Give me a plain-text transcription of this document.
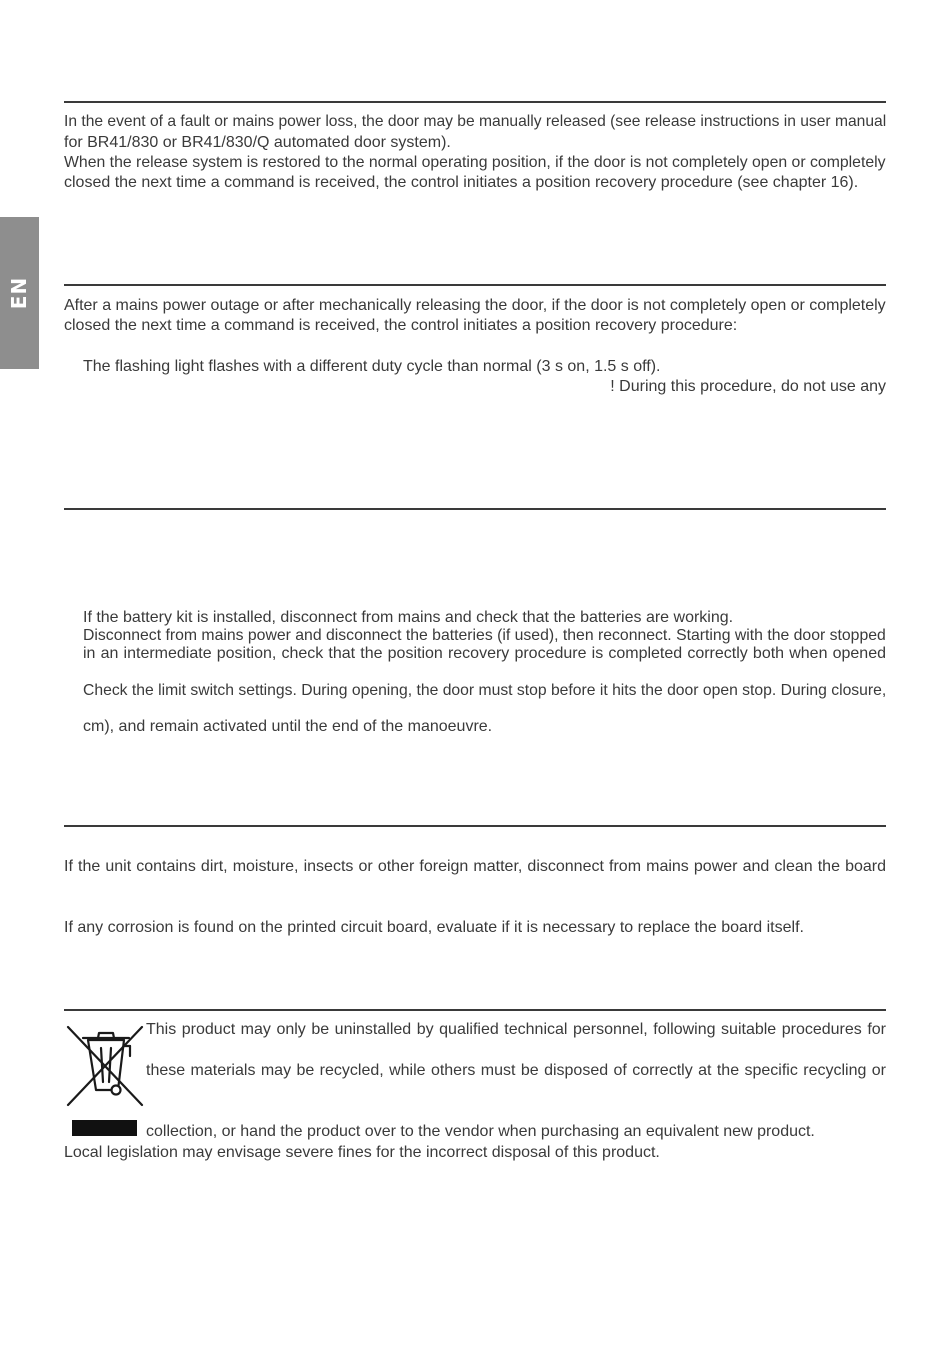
EN
In the event of a fault or mains power loss, the door may be manually released (see release instructions in user manual
for BR41/830 or BR41/830/Q automated door system).
When the release system is restored to the normal operating position, if the door is not completely open or completely
closed the next time a command is received, the control initiates a position recovery procedure (see chapter 16).
After a mains power outage or after mechanically releasing the door, if the door is not completely open or completely
closed the next time a command is received, the control initiates a position recovery procedure:
The flashing light flashes with a different duty cycle than normal (3 s on, 1.5 s off).
! During this procedure, do not use any
If the battery kit is installed, disconnect from mains and check that the batteries are working.
Disconnect from mains power and disconnect the batteries (if used), then reconnect. Starting with the door stopped
in an intermediate position, check that the position recovery procedure is completed correctly both when opened
Check the limit switch settings. During opening, the door must stop before it hits the door open stop. During closure,
cm), and remain activated until the end of the manoeuvre.
If the unit contains dirt, moisture, insects or other foreign matter, disconnect from mains power and clean the board
If any corrosion is found on the printed circuit board, evaluate if it is necessary to replace the board itself.
This product may only be uninstalled by qualified technical personnel, following suitable procedures for
these materials may be recycled, while others must be disposed of correctly at the specific recycling or
collection, or hand the product over to the vendor when purchasing an equivalent new product.
Local legislation may envisage severe fines for the incorrect disposal of this product.
